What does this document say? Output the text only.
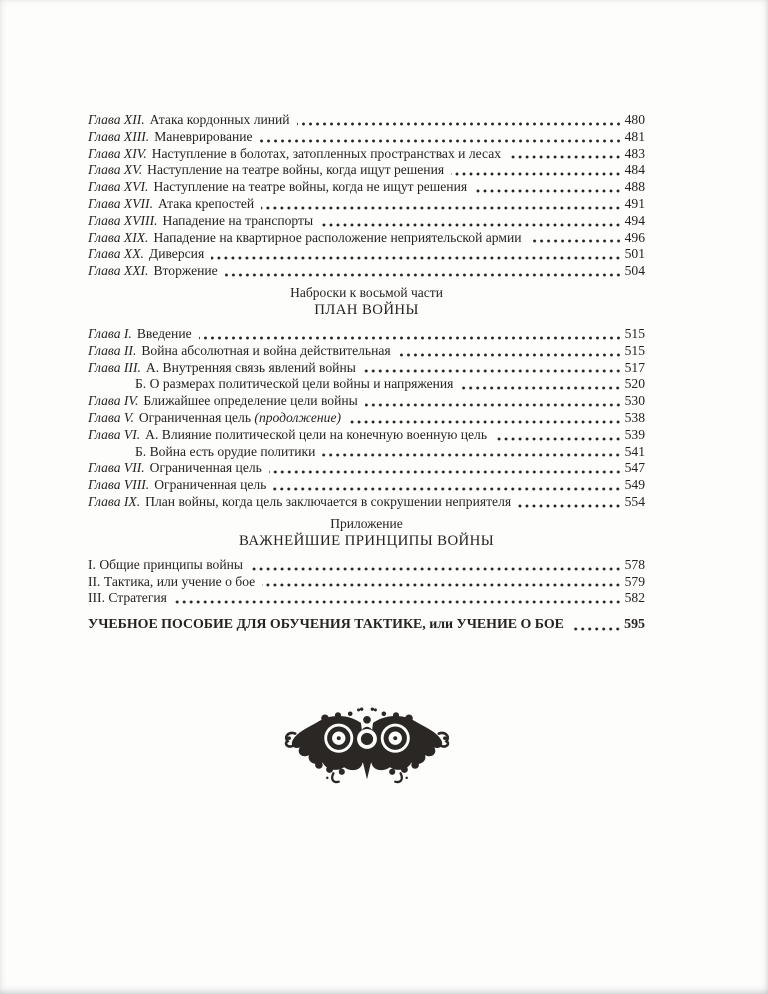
Глава XII. Атака кордонных линий	480
Глава XIII. Маневрирование	481
Глава XIV. Наступление в болотах, затопленных пространствах и лесах	483
Глава XV. Наступление на театре войны, когда ищут решения	484
Глава XVI. Наступление на театре войны, когда не ищут решения	488
Глава XVII. Атака крепостей	491
Глава XVIII. Нападение на транспорты	494
Глава XIX. Нападение на квартирное расположение неприятельской армии	496
Глава XX. Диверсия	501
Глава XXI. Вторжение	504
Наброски к восьмой части
ПЛАН ВОЙНЫ
Глава I. Введение	515
Глава II. Война абсолютная и война действительная	515
Глава III. А. Внутренняя связь явлений войны	517
Б. О размерах политической цели войны и напряжения	520
Глава IV. Ближайшее определение цели войны	530
Глава V. Ограниченная цель (продолжение)	538
Глава VI. А. Влияние политической цели на конечную военную цель	539
Б. Война есть орудие политики	541
Глава VII. Ограниченная цель	547
Глава VIII. Ограниченная цель	549
Глава IX. План войны, когда цель заключается в сокрушении неприятеля	554
Приложение
ВАЖНЕЙШИЕ ПРИНЦИПЫ ВОЙНЫ
I. Общие принципы войны	578
II. Тактика, или учение о бое	579
III. Стратегия	582
УЧЕБНОЕ ПОСОБИЕ ДЛЯ ОБУЧЕНИЯ ТАКТИКЕ, или УЧЕНИЕ О БОЕ	595
